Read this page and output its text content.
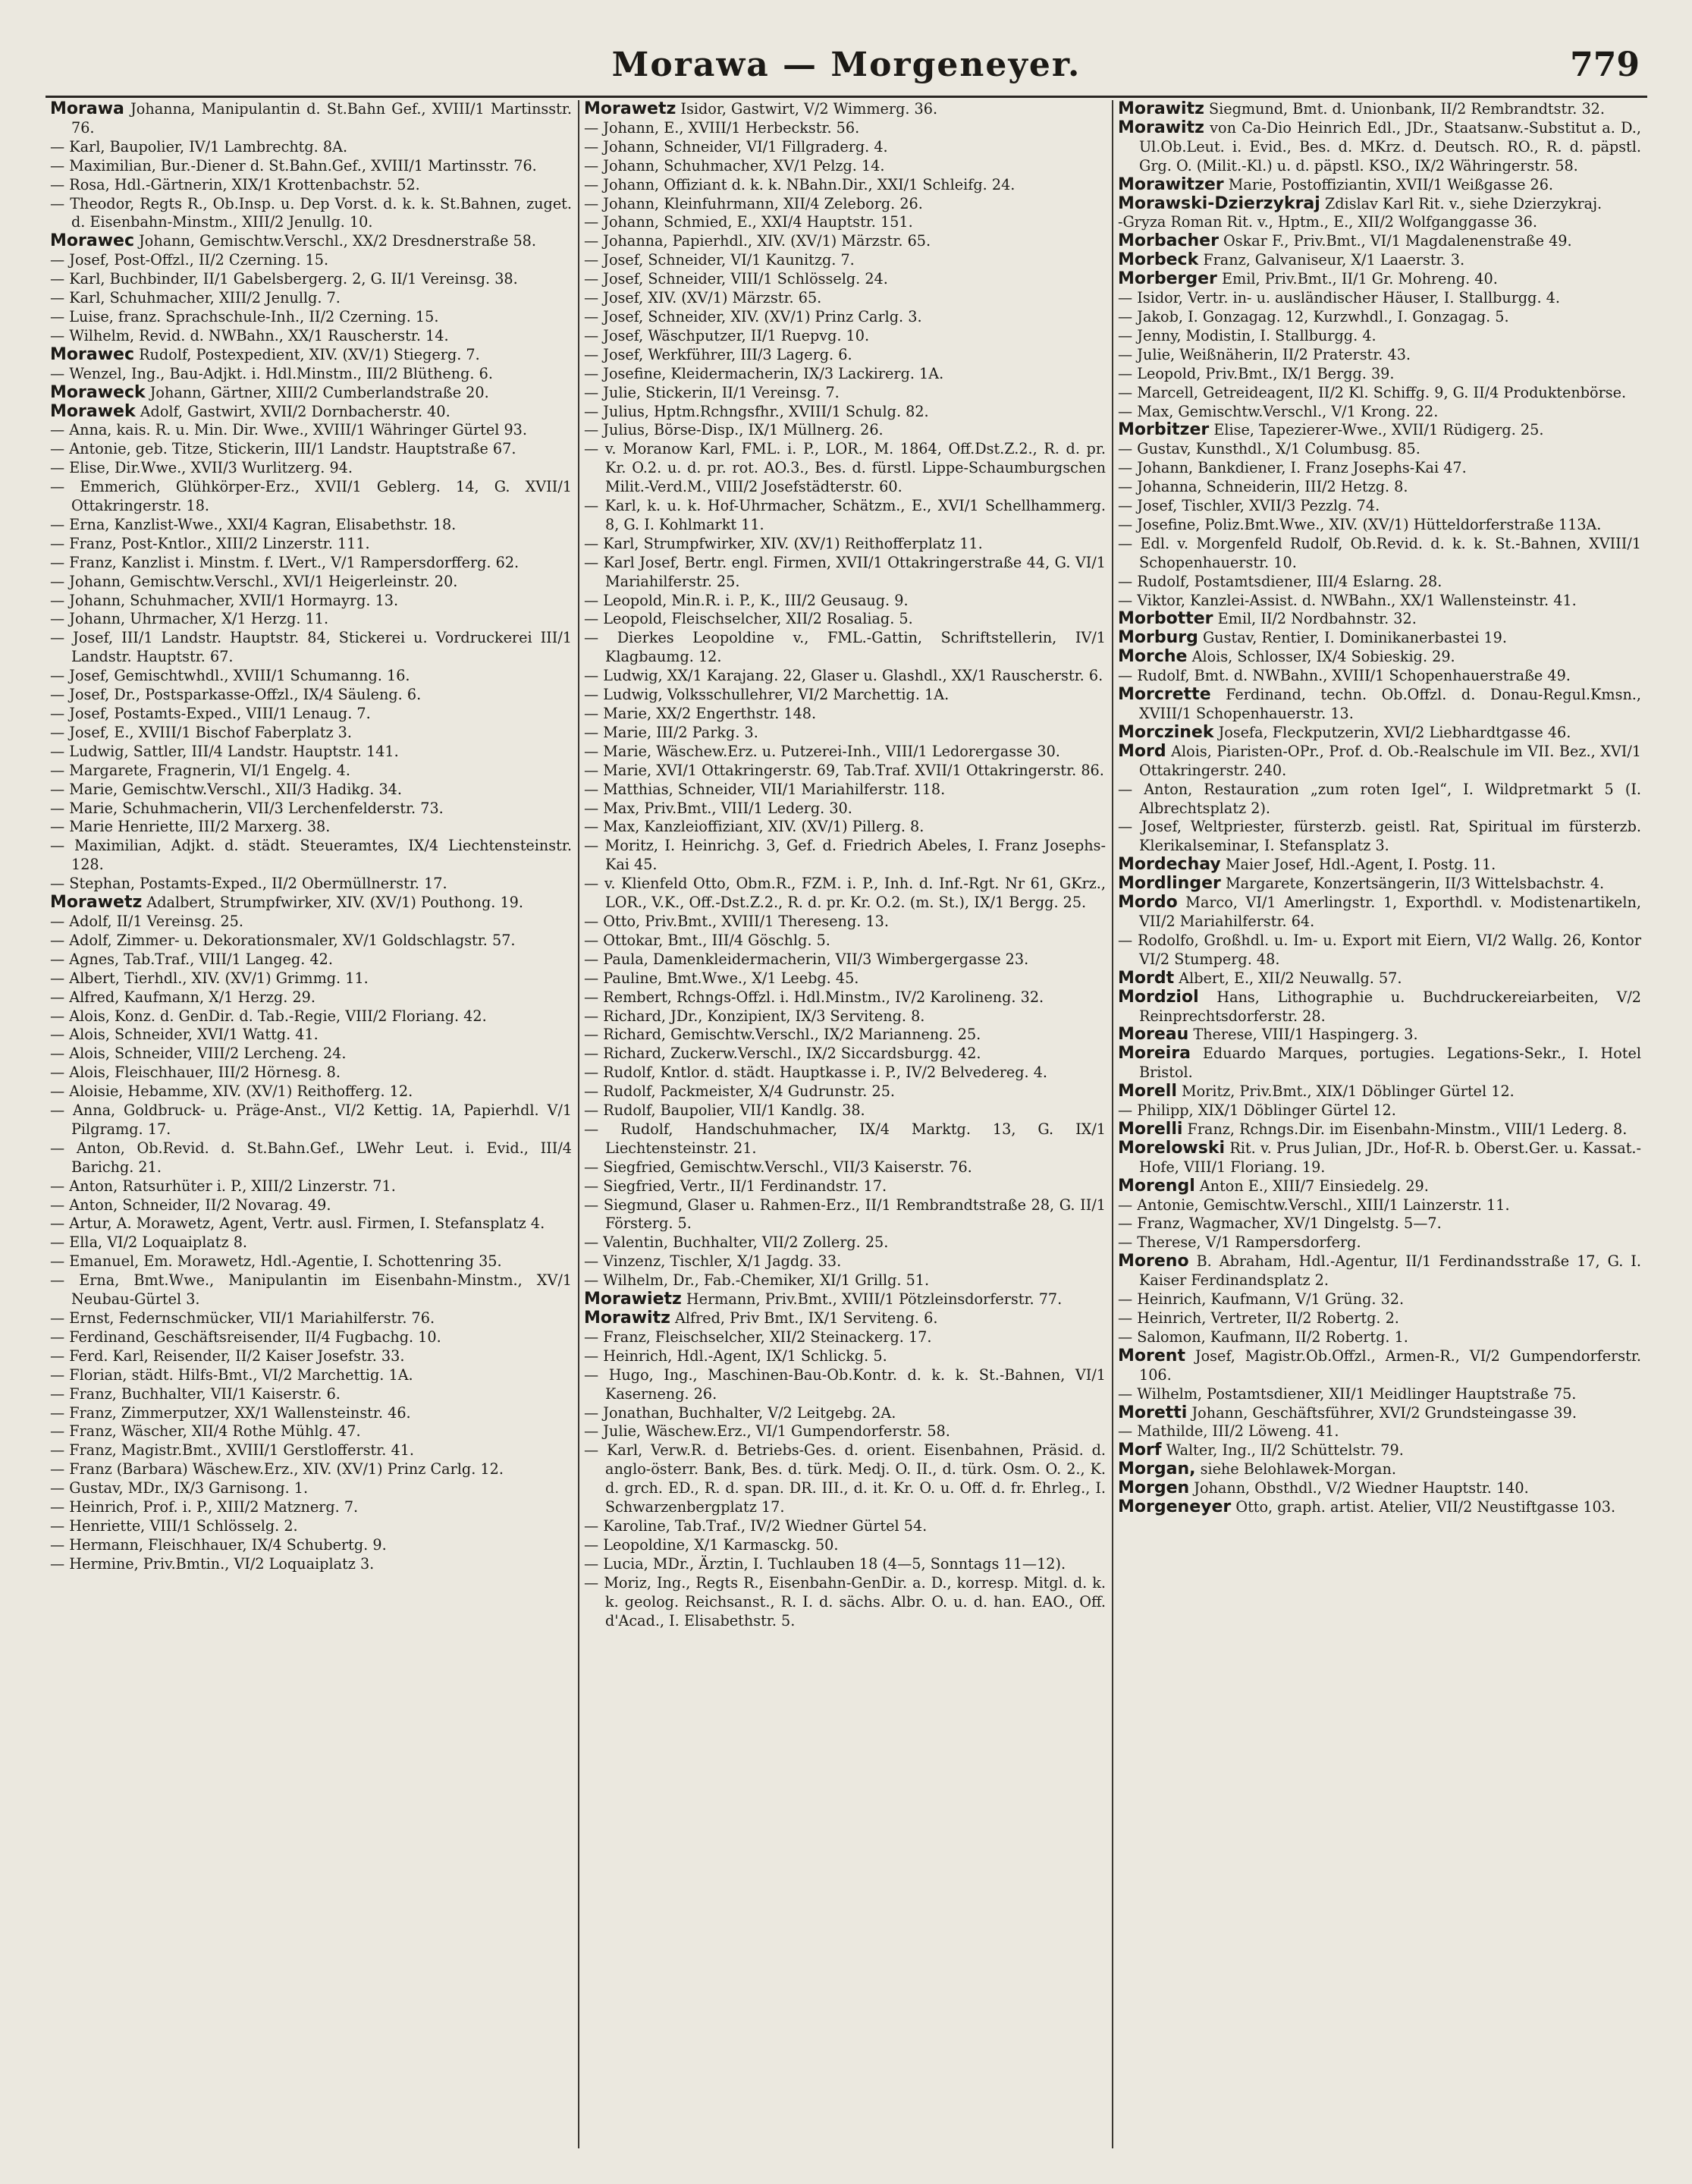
Morawa — Morgeneyer.	779

Morawa Johanna, Manipulantin d. St.Bahn Gef., XVIII/1 Martinsstr. 76.

— Karl, Baupolier, IV/1 Lambrechtg. 8A.

— Maximilian, Bur.-Diener d. St.Bahn.Gef., XVIII/1 Martinsstr. 76.

— Rosa, Hdl.-Gärtnerin, XIX/1 Krottenbachstr. 52.

— Theodor, Regts R., Ob.Insp. u. Dep Vorst. d. k. k. St.Bahnen, zuget. d. Eisenbahn-Minstm., XIII/2 Jenullg. 10.

Morawec Johann, Gemischtw.Verschl., XX/2 Dresdnerstraße 58.

— Josef, Post-Offzl., II/2 Czerning. 15.

— Karl, Buchbinder, II/1 Gabelsbergerg. 2, G. II/1 Vereinsg. 38.

— Karl, Schuhmacher, XIII/2 Jenullg. 7.

— Luise, franz. Sprachschule-Inh., II/2 Czerning. 15.

— Wilhelm, Revid. d. NWBahn., XX/1 Rauscherstr. 14.

Morawec Rudolf, Postexpedient, XIV. (XV/1) Stiegerg. 7.

— Wenzel, Ing., Bau-Adjkt. i. Hdl.Minstm., III/2 Blütheng. 6.

Moraweck Johann, Gärtner, XIII/2 Cumberlandstraße 20.

Morawek Adolf, Gastwirt, XVII/2 Dornbacherstr. 40.

— Anna, kais. R. u. Min. Dir. Wwe., XVIII/1 Währinger Gürtel 93.

— Antonie, geb. Titze, Stickerin, III/1 Landstr. Hauptstraße 67.

— Elise, Dir.Wwe., XVII/3 Wurlitzerg. 94.

— Emmerich, Glühkörper-Erz., XVII/1 Geblerg. 14, G. XVII/1 Ottakringerstr. 18.

— Erna, Kanzlist-Wwe., XXI/4 Kagran, Elisabethstr. 18.

— Franz, Post-Kntlor., XIII/2 Linzerstr. 111.

— Franz, Kanzlist i. Minstm. f. LVert., V/1 Rampersdorfferg. 62.

— Johann, Gemischtw.Verschl., XVI/1 Heigerleinstr. 20.

— Johann, Schuhmacher, XVII/1 Hormayrg. 13.

— Johann, Uhrmacher, X/1 Herzg. 11.

— Josef, III/1 Landstr. Hauptstr. 84, Stickerei u. Vordruckerei III/1 Landstr. Hauptstr. 67.

— Josef, Gemischtwhdl., XVIII/1 Schumanng. 16.

— Josef, Dr., Postsparkasse-Offzl., IX/4 Säuleng. 6.

— Josef, Postamts-Exped., VIII/1 Lenaug. 7.

— Josef, E., XVIII/1 Bischof Faberplatz 3.

— Ludwig, Sattler, III/4 Landstr. Hauptstr. 141.

— Margarete, Fragnerin, VI/1 Engelg. 4.

— Marie, Gemischtw.Verschl., XII/3 Hadikg. 34.

— Marie, Schuhmacherin, VII/3 Lerchenfelderstr. 73.

— Marie Henriette, III/2 Marxerg. 38.

— Maximilian, Adjkt. d. städt. Steueramtes, IX/4 Liechtensteinstr. 128.

— Stephan, Postamts-Exped., II/2 Obermüllnerstr. 17.

Morawetz Adalbert, Strumpfwirker, XIV. (XV/1) Pouthong. 19.

— Adolf, II/1 Vereinsg. 25.

— Adolf, Zimmer- u. Dekorationsmaler, XV/1 Goldschlagstr. 57.

— Agnes, Tab.Traf., VIII/1 Langeg. 42.

— Albert, Tierhdl., XIV. (XV/1) Grimmg. 11.

— Alfred, Kaufmann, X/1 Herzg. 29.

— Alois, Konz. d. GenDir. d. Tab.-Regie, VIII/2 Floriang. 42.

— Alois, Schneider, XVI/1 Wattg. 41.

— Alois, Schneider, VIII/2 Lercheng. 24.

— Alois, Fleischhauer, III/2 Hörnesg. 8.

— Aloisie, Hebamme, XIV. (XV/1) Reithofferg. 12.

— Anna, Goldbruck- u. Präge-Anst., VI/2 Kettig. 1A, Papierhdl. V/1 Pilgramg. 17.

— Anton, Ob.Revid. d. St.Bahn.Gef., LWehr Leut. i. Evid., III/4 Barichg. 21.

— Anton, Ratsurhüter i. P., XIII/2 Linzerstr. 71.

— Anton, Schneider, II/2 Novarag. 49.

— Artur, A. Morawetz, Agent, Vertr. ausl. Firmen, I. Stefansplatz 4.

— Ella, VI/2 Loquaiplatz 8.

— Emanuel, Em. Morawetz, Hdl.-Agentie, I. Schottenring 35.

— Erna, Bmt.Wwe., Manipulantin im Eisenbahn-Minstm., XV/1 Neubau-Gürtel 3.

— Ernst, Federnschmücker, VII/1 Mariahilferstr. 76.

— Ferdinand, Geschäftsreisender, II/4 Fugbachg. 10.

— Ferd. Karl, Reisender, II/2 Kaiser Josefstr. 33.

— Florian, städt. Hilfs-Bmt., VI/2 Marchettig. 1A.

— Franz, Buchhalter, VII/1 Kaiserstr. 6.

— Franz, Zimmerputzer, XX/1 Wallensteinstr. 46.

— Franz, Wäscher, XII/4 Rothe Mühlg. 47.

— Franz, Magistr.Bmt., XVIII/1 Gerstlofferstr. 41.

— Franz (Barbara) Wäschew.Erz., XIV. (XV/1) Prinz Carlg. 12.

— Gustav, MDr., IX/3 Garnisong. 1.

— Heinrich, Prof. i. P., XIII/2 Matznerg. 7.

— Henriette, VIII/1 Schlösselg. 2.

— Hermann, Fleischhauer, IX/4 Schubertg. 9.

— Hermine, Priv.Bmtin., VI/2 Loquaiplatz 3.

Morawetz Isidor, Gastwirt, V/2 Wimmerg. 36.

— Johann, E., XVIII/1 Herbeckstr. 56.

— Johann, Schneider, VI/1 Fillgraderg. 4.

— Johann, Schuhmacher, XV/1 Pelzg. 14.

— Johann, Offiziant d. k. k. NBahn.Dir., XXI/1 Schleifg. 24.

— Johann, Kleinfuhrmann, XII/4 Zeleborg. 26.

— Johann, Schmied, E., XXI/4 Hauptstr. 151.

— Johanna, Papierhdl., XIV. (XV/1) Märzstr. 65.

— Josef, Schneider, VI/1 Kaunitzg. 7.

— Josef, Schneider, VIII/1 Schlösselg. 24.

— Josef, XIV. (XV/1) Märzstr. 65.

— Josef, Schneider, XIV. (XV/1) Prinz Carlg. 3.

— Josef, Wäschputzer, II/1 Ruepvg. 10.

— Josef, Werkführer, III/3 Lagerg. 6.

— Josefine, Kleidermacherin, IX/3 Lackirerg. 1A.

— Julie, Stickerin, II/1 Vereinsg. 7.

— Julius, Hptm.Rchngsfhr., XVIII/1 Schulg. 82.

— Julius, Börse-Disp., IX/1 Müllnerg. 26.

— v. Moranow Karl, FML. i. P., LOR., M. 1864, Off.Dst.Z.2., R. d. pr. Kr. O.2. u. d. pr. rot. AO.3., Bes. d. fürstl. Lippe-Schaumburgschen Milit.-Verd.M., VIII/2 Josefstädterstr. 60.

— Karl, k. u. k. Hof-Uhrmacher, Schätzm., E., XVI/1 Schellhammerg. 8, G. I. Kohlmarkt 11.

— Karl, Strumpfwirker, XIV. (XV/1) Reithofferplatz 11.

— Karl Josef, Bertr. engl. Firmen, XVII/1 Ottakringerstraße 44, G. VI/1 Mariahilferstr. 25.

— Leopold, Min.R. i. P., K., III/2 Geusaug. 9.

— Leopold, Fleischselcher, XII/2 Rosaliag. 5.

— Dierkes Leopoldine v., FML.-Gattin, Schriftstellerin, IV/1 Klagbaumg. 12.

— Ludwig, XX/1 Karajang. 22, Glaser u. Glashdl., XX/1 Rauscherstr. 6.

— Ludwig, Volksschullehrer, VI/2 Marchettig. 1A.

— Marie, XX/2 Engerthstr. 148.

— Marie, III/2 Parkg. 3.

— Marie, Wäschew.Erz. u. Putzerei-Inh., VIII/1 Ledorergasse 30.

— Marie, XVI/1 Ottakringerstr. 69, Tab.Traf. XVII/1 Ottakringerstr. 86.

— Matthias, Schneider, VII/1 Mariahilferstr. 118.

— Max, Priv.Bmt., VIII/1 Lederg. 30.

— Max, Kanzleioffiziant, XIV. (XV/1) Pillerg. 8.

— Moritz, I. Heinrichg. 3, Gef. d. Friedrich Abeles, I. Franz Josephs-Kai 45.

— v. Klienfeld Otto, Obm.R., FZM. i. P., Inh. d. Inf.-Rgt. Nr 61, GKrz., LOR., V.K., Off.-Dst.Z.2., R. d. pr. Kr. O.2. (m. St.), IX/1 Bergg. 25.

— Otto, Priv.Bmt., XVIII/1 Thereseng. 13.

— Ottokar, Bmt., III/4 Göschlg. 5.

— Paula, Damenkleidermacherin, VII/3 Wimbergergasse 23.

— Pauline, Bmt.Wwe., X/1 Leebg. 45.

— Rembert, Rchngs-Offzl. i. Hdl.Minstm., IV/2 Karolineng. 32.

— Richard, JDr., Konzipient, IX/3 Serviteng. 8.

— Richard, Gemischtw.Verschl., IX/2 Marianneng. 25.

— Richard, Zuckerw.Verschl., IX/2 Siccardsburgg. 42.

— Rudolf, Kntlor. d. städt. Hauptkasse i. P., IV/2 Belvedereg. 4.

— Rudolf, Packmeister, X/4 Gudrunstr. 25.

— Rudolf, Baupolier, VII/1 Kandlg. 38.

— Rudolf, Handschuhmacher, IX/4 Marktg. 13, G. IX/1 Liechtensteinstr. 21.

— Siegfried, Gemischtw.Verschl., VII/3 Kaiserstr. 76.

— Siegfried, Vertr., II/1 Ferdinandstr. 17.

— Siegmund, Glaser u. Rahmen-Erz., II/1 Rembrandtstraße 28, G. II/1 Försterg. 5.

— Valentin, Buchhalter, VII/2 Zollerg. 25.

— Vinzenz, Tischler, X/1 Jagdg. 33.

— Wilhelm, Dr., Fab.-Chemiker, XI/1 Grillg. 51.

Morawietz Hermann, Priv.Bmt., XVIII/1 Pötzleinsdorferstr. 77.

Morawitz Alfred, Priv Bmt., IX/1 Serviteng. 6.

— Franz, Fleischselcher, XII/2 Steinackerg. 17.

— Heinrich, Hdl.-Agent, IX/1 Schlickg. 5.

— Hugo, Ing., Maschinen-Bau-Ob.Kontr. d. k. k. St.-Bahnen, VI/1 Kaserneng. 26.

— Jonathan, Buchhalter, V/2 Leitgebg. 2A.

— Julie, Wäschew.Erz., VI/1 Gumpendorferstr. 58.

— Karl, Verw.R. d. Betriebs-Ges. d. orient. Eisenbahnen, Präsid. d. anglo-österr. Bank, Bes. d. türk. Medj. O. II., d. türk. Osm. O. 2., K. d. grch. ED., R. d. span. DR. III., d. it. Kr. O. u. Off. d. fr. Ehrleg., I. Schwarzenbergplatz 17.

— Karoline, Tab.Traf., IV/2 Wiedner Gürtel 54.

— Leopoldine, X/1 Karmasckg. 50.

— Lucia, MDr., Ärztin, I. Tuchlauben 18 (4—5, Sonntags 11—12).

— Moriz, Ing., Regts R., Eisenbahn-GenDir. a. D., korresp. Mitgl. d. k. k. geolog. Reichsanst., R. I. d. sächs. Albr. O. u. d. han. EAO., Off. d'Acad., I. Elisabethstr. 5.

Morawitz Siegmund, Bmt. d. Unionbank, II/2 Rembrandtstr. 32.

Morawitz von Ca-Dio Heinrich Edl., JDr., Staatsanw.-Substitut a. D., Ul.Ob.Leut. i. Evid., Bes. d. MKrz. d. Deutsch. RO., R. d. päpstl. Grg. O. (Milit.-Kl.) u. d. päpstl. KSO., IX/2 Währingerstr. 58.

Morawitzer Marie, Postoffiziantin, XVII/1 Weißgasse 26.

Morawski-Dzierzykraj Zdislav Karl Rit. v., siehe Dzierzykraj.

-Gryza Roman Rit. v., Hptm., E., XII/2 Wolfganggasse 36.

Morbacher Oskar F., Priv.Bmt., VI/1 Magdalenenstraße 49.

Morbeck Franz, Galvaniseur, X/1 Laaerstr. 3.

Morberger Emil, Priv.Bmt., II/1 Gr. Mohreng. 40.

— Isidor, Vertr. in- u. ausländischer Häuser, I. Stallburgg. 4.

— Jakob, I. Gonzagag. 12, Kurzwhdl., I. Gonzagag. 5.

— Jenny, Modistin, I. Stallburgg. 4.

— Julie, Weißnäherin, II/2 Praterstr. 43.

— Leopold, Priv.Bmt., IX/1 Bergg. 39.

— Marcell, Getreideagent, II/2 Kl. Schiffg. 9, G. II/4 Produktenbörse.

— Max, Gemischtw.Verschl., V/1 Krong. 22.

Morbitzer Elise, Tapezierer-Wwe., XVII/1 Rüdigerg. 25.

— Gustav, Kunsthdl., X/1 Columbusg. 85.

— Johann, Bankdiener, I. Franz Josephs-Kai 47.

— Johanna, Schneiderin, III/2 Hetzg. 8.

— Josef, Tischler, XVII/3 Pezzlg. 74.

— Josefine, Poliz.Bmt.Wwe., XIV. (XV/1) Hütteldorferstraße 113A.

— Edl. v. Morgenfeld Rudolf, Ob.Revid. d. k. k. St.-Bahnen, XVIII/1 Schopenhauerstr. 10.

— Rudolf, Postamtsdiener, III/4 Eslarng. 28.

— Viktor, Kanzlei-Assist. d. NWBahn., XX/1 Wallensteinstr. 41.

Morbotter Emil, II/2 Nordbahnstr. 32.

Morburg Gustav, Rentier, I. Dominikanerbastei 19.

Morche Alois, Schlosser, IX/4 Sobieskig. 29.

— Rudolf, Bmt. d. NWBahn., XVIII/1 Schopenhauerstraße 49.

Morcrette Ferdinand, techn. Ob.Offzl. d. Donau-Regul.Kmsn., XVIII/1 Schopenhauerstr. 13.

Morczinek Josefa, Fleckputzerin, XVI/2 Liebhardtgasse 46.

Mord Alois, Piaristen-OPr., Prof. d. Ob.-Realschule im VII. Bez., XVI/1 Ottakringerstr. 240.

— Anton, Restauration „zum roten Igel“, I. Wildpretmarkt 5 (I. Albrechtsplatz 2).

— Josef, Weltpriester, fürsterzb. geistl. Rat, Spiritual im fürsterzb. Klerikalseminar, I. Stefansplatz 3.

Mordechay Maier Josef, Hdl.-Agent, I. Postg. 11.

Mordlinger Margarete, Konzertsängerin, II/3 Wittelsbachstr. 4.

Mordo Marco, VI/1 Amerlingstr. 1, Exporthdl. v. Modistenartikeln, VII/2 Mariahilferstr. 64.

— Rodolfo, Großhdl. u. Im- u. Export mit Eiern, VI/2 Wallg. 26, Kontor VI/2 Stumperg. 48.

Mordt Albert, E., XII/2 Neuwallg. 57.

Mordziol Hans, Lithographie u. Buchdruckereiarbeiten, V/2 Reinprechtsdorferstr. 28.

Moreau Therese, VIII/1 Haspingerg. 3.

Moreira Eduardo Marques, portugies. Legations-Sekr., I. Hotel Bristol.

Morell Moritz, Priv.Bmt., XIX/1 Döblinger Gürtel 12.

— Philipp, XIX/1 Döblinger Gürtel 12.

Morelli Franz, Rchngs.Dir. im Eisenbahn-Minstm., VIII/1 Lederg. 8.

Morelowski Rit. v. Prus Julian, JDr., Hof-R. b. Oberst.Ger. u. Kassat.-Hofe, VIII/1 Floriang. 19.

Morengl Anton E., XIII/7 Einsiedelg. 29.

— Antonie, Gemischtw.Verschl., XIII/1 Lainzerstr. 11.

— Franz, Wagmacher, XV/1 Dingelstg. 5—7.

— Therese, V/1 Rampersdorferg.

Moreno B. Abraham, Hdl.-Agentur, II/1 Ferdinandsstraße 17, G. I. Kaiser Ferdinandsplatz 2.

— Heinrich, Kaufmann, V/1 Grüng. 32.

— Heinrich, Vertreter, II/2 Robertg. 2.

— Salomon, Kaufmann, II/2 Robertg. 1.

Morent Josef, Magistr.Ob.Offzl., Armen-R., VI/2 Gumpendorferstr. 106.

— Wilhelm, Postamtsdiener, XII/1 Meidlinger Hauptstraße 75.

Moretti Johann, Geschäftsführer, XVI/2 Grundsteingasse 39.

— Mathilde, III/2 Löweng. 41.

Morf Walter, Ing., II/2 Schüttelstr. 79.

Morgan, siehe Belohlawek-Morgan.

Morgen Johann, Obsthdl., V/2 Wiedner Hauptstr. 140.

Morgeneyer Otto, graph. artist. Atelier, VII/2 Neustiftgasse 103.
